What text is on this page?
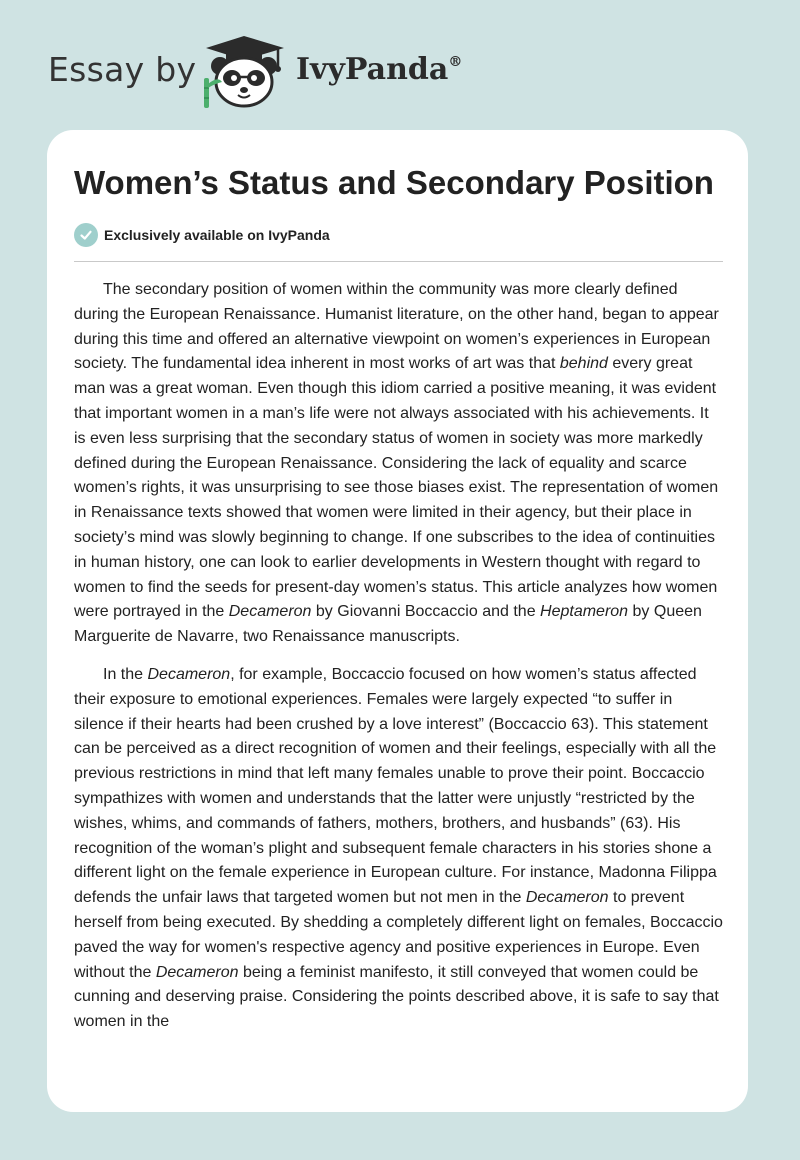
Essay by	IvyPanda®
Women’s Status and Secondary Position
Exclusively available on IvyPanda

The secondary position of women within the community was more clearly defined during the European Renaissance. Humanist literature, on the other hand, began to appear during this time and offered an alternative viewpoint on women’s experiences in European society. The fundamental idea inherent in most works of art was that behind every great man was a great woman. Even though this idiom carried a positive meaning, it was evident that important women in a man’s life were not always associated with his achievements. It is even less surprising that the secondary status of women in society was more markedly defined during the European Renaissance. Considering the lack of equality and scarce women’s rights, it was unsurprising to see those biases exist. The representation of women in Renaissance texts showed that women were limited in their agency, but their place in society’s mind was slowly beginning to change. If one subscribes to the idea of continuities in human history, one can look to earlier developments in Western thought with regard to women to find the seeds for present-day women’s status. This article analyzes how women were portrayed in the Decameron by Giovanni Boccaccio and the Heptameron by Queen Marguerite de Navarre, two Renaissance manuscripts.

In the Decameron, for example, Boccaccio focused on how women’s status affected their exposure to emotional experiences. Females were largely expected “to suffer in silence if their hearts had been crushed by a love interest” (Boccaccio 63). This statement can be perceived as a direct recognition of women and their feelings, especially with all the previous restrictions in mind that left many females unable to prove their point. Boccaccio sympathizes with women and understands that the latter were unjustly “restricted by the wishes, whims, and commands of fathers, mothers, brothers, and husbands” (63). His recognition of the woman’s plight and subsequent female characters in his stories shone a different light on the female experience in European culture. For instance, Madonna Filippa defends the unfair laws that targeted women but not men in the Decameron to prevent herself from being executed. By shedding a completely different light on females, Boccaccio paved the way for women's respective agency and positive experiences in Europe. Even without the Decameron being a feminist manifesto, it still conveyed that women could be cunning and deserving praise. Considering the points described above, it is safe to say that women in the
